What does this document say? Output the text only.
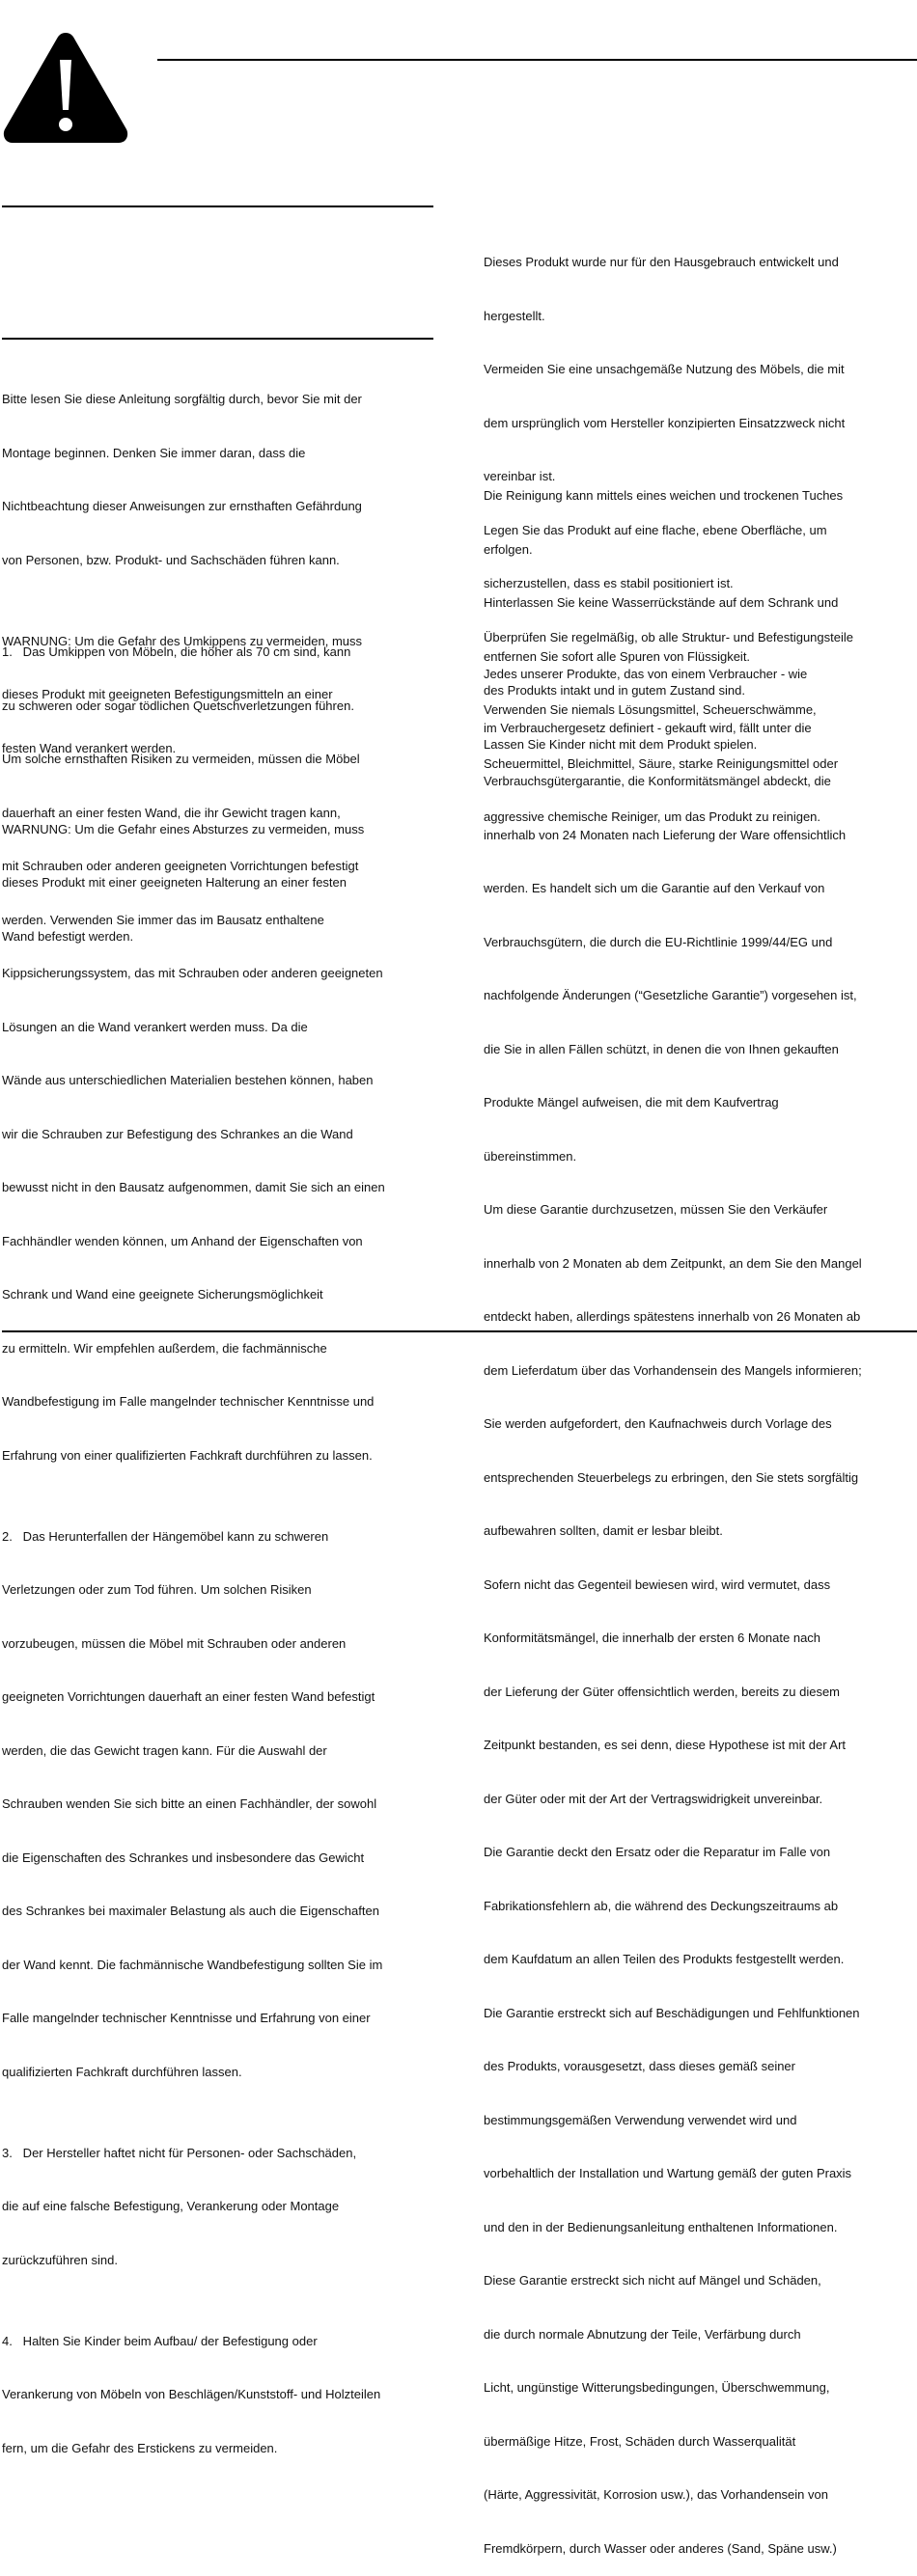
Bitte lesen Sie diese Anleitung sorgfältig durch, bevor Sie mit der

Montage beginnen. Denken Sie immer daran, dass die

Nichtbeachtung dieser Anweisungen zur ernsthaften Gefährdung

von Personen, bzw. Produkt- und Sachschäden führen kann.

WARNUNG: Um die Gefahr des Umkippens zu vermeiden, muss

dieses Produkt mit geeigneten Befestigungsmitteln an einer

festen Wand verankert werden.

WARNUNG: Um die Gefahr eines Absturzes zu vermeiden, muss

dieses Produkt mit einer geeigneten Halterung an einer festen

Wand befestigt werden.

1.   Das Umkippen von Möbeln, die höher als 70 cm sind, kann

zu schweren oder sogar tödlichen Quetschverletzungen führen.

Um solche ernsthaften Risiken zu vermeiden, müssen die Möbel

dauerhaft an einer festen Wand, die ihr Gewicht tragen kann,

mit Schrauben oder anderen geeigneten Vorrichtungen befestigt

werden. Verwenden Sie immer das im Bausatz enthaltene

Kippsicherungssystem, das mit Schrauben oder anderen geeigneten

Lösungen an die Wand verankert werden muss. Da die

Wände aus unterschiedlichen Materialien bestehen können, haben

wir die Schrauben zur Befestigung des Schrankes an die Wand

bewusst nicht in den Bausatz aufgenommen, damit Sie sich an einen

Fachhändler wenden können, um Anhand der Eigenschaften von

Schrank und Wand eine geeignete Sicherungsmöglichkeit

zu ermitteln. Wir empfehlen außerdem, die fachmännische

Wandbefestigung im Falle mangelnder technischer Kenntnisse und

Erfahrung von einer qualifizierten Fachkraft durchführen zu lassen.

2.   Das Herunterfallen der Hängemöbel kann zu schweren

Verletzungen oder zum Tod führen. Um solchen Risiken

vorzubeugen, müssen die Möbel mit Schrauben oder anderen

geeigneten Vorrichtungen dauerhaft an einer festen Wand befestigt

werden, die das Gewicht tragen kann. Für die Auswahl der

Schrauben wenden Sie sich bitte an einen Fachhändler, der sowohl

die Eigenschaften des Schrankes und insbesondere das Gewicht

des Schrankes bei maximaler Belastung als auch die Eigenschaften

der Wand kennt. Die fachmännische Wandbefestigung sollten Sie im

Falle mangelnder technischer Kenntnisse und Erfahrung von einer

qualifizierten Fachkraft durchführen lassen.

3.   Der Hersteller haftet nicht für Personen- oder Sachschäden,

die auf eine falsche Befestigung, Verankerung oder Montage

zurückzuführen sind.

4.   Halten Sie Kinder beim Aufbau/ der Befestigung oder

Verankerung von Möbeln von Beschlägen/Kunststoff- und Holzteilen

fern, um die Gefahr des Erstickens zu vermeiden.

Dieses Produkt wurde nur für den Hausgebrauch entwickelt und

hergestellt.

Vermeiden Sie eine unsachgemäße Nutzung des Möbels, die mit

dem ursprünglich vom Hersteller konzipierten Einsatzzweck nicht

vereinbar ist.

Legen Sie das Produkt auf eine flache, ebene Oberfläche, um

sicherzustellen, dass es stabil positioniert ist.

Überprüfen Sie regelmäßig, ob alle Struktur- und Befestigungsteile

des Produkts intakt und in gutem Zustand sind.

Lassen Sie Kinder nicht mit dem Produkt spielen.

Die Reinigung kann mittels eines weichen und trockenen Tuches

erfolgen.

Hinterlassen Sie keine Wasserrückstände auf dem Schrank und

entfernen Sie sofort alle Spuren von Flüssigkeit.

Verwenden Sie niemals Lösungsmittel, Scheuerschwämme,

Scheuermittel, Bleichmittel, Säure, starke Reinigungsmittel oder

aggressive chemische Reiniger, um das Produkt zu reinigen.

Jedes unserer Produkte, das von einem Verbraucher - wie

im Verbrauchergesetz definiert - gekauft wird, fällt unter die

Verbrauchsgütergarantie, die Konformitätsmängel abdeckt, die

innerhalb von 24 Monaten nach Lieferung der Ware offensichtlich

werden. Es handelt sich um die Garantie auf den Verkauf von

Verbrauchsgütern, die durch die EU-Richtlinie 1999/44/EG und

nachfolgende Änderungen (“Gesetzliche Garantie”) vorgesehen ist,

die Sie in allen Fällen schützt, in denen die von Ihnen gekauften

Produkte Mängel aufweisen, die mit dem Kaufvertrag

übereinstimmen.

Um diese Garantie durchzusetzen, müssen Sie den Verkäufer

innerhalb von 2 Monaten ab dem Zeitpunkt, an dem Sie den Mangel

entdeckt haben, allerdings spätestens innerhalb von 26 Monaten ab

dem Lieferdatum über das Vorhandensein des Mangels informieren;

Sie werden aufgefordert, den Kaufnachweis durch Vorlage des

entsprechenden Steuerbelegs zu erbringen, den Sie stets sorgfältig

aufbewahren sollten, damit er lesbar bleibt.

Sofern nicht das Gegenteil bewiesen wird, wird vermutet, dass

Konformitätsmängel, die innerhalb der ersten 6 Monate nach

der Lieferung der Güter offensichtlich werden, bereits zu diesem

Zeitpunkt bestanden, es sei denn, diese Hypothese ist mit der Art

der Güter oder mit der Art der Vertragswidrigkeit unvereinbar.

Die Garantie deckt den Ersatz oder die Reparatur im Falle von

Fabrikationsfehlern ab, die während des Deckungszeitraums ab

dem Kaufdatum an allen Teilen des Produkts festgestellt werden.

Die Garantie erstreckt sich auf Beschädigungen und Fehlfunktionen

des Produkts, vorausgesetzt, dass dieses gemäß seiner

bestimmungsgemäßen Verwendung verwendet wird und

vorbehaltlich der Installation und Wartung gemäß der guten Praxis

und den in der Bedienungsanleitung enthaltenen Informationen.

Diese Garantie erstreckt sich nicht auf Mängel und Schäden,

die durch normale Abnutzung der Teile, Verfärbung durch

Licht, ungünstige Witterungsbedingungen, Überschwemmung,

übermäßige Hitze, Frost, Schäden durch Wasserqualität

(Härte, Aggressivität, Korrosion usw.), das Vorhandensein von

Fremdkörpern, durch Wasser oder anderes (Sand, Späne usw.)
